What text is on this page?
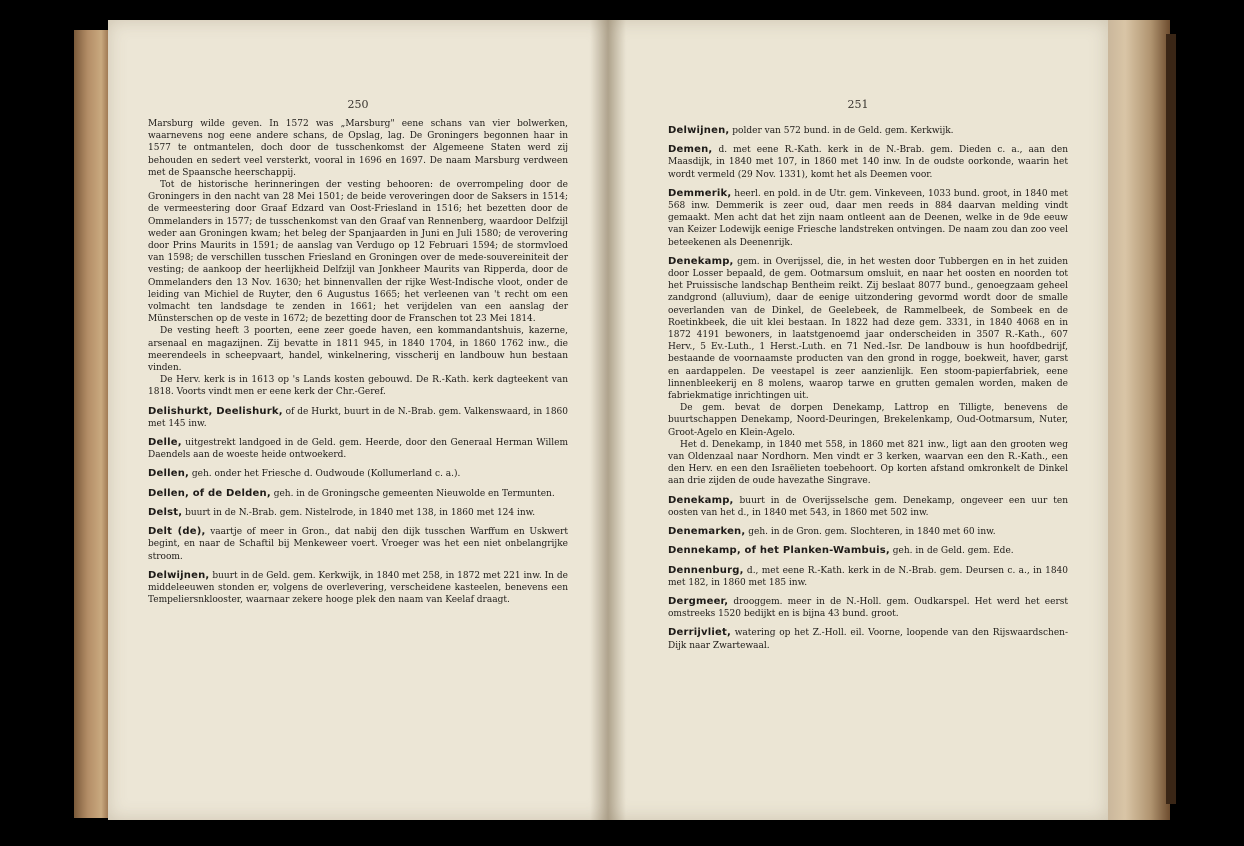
250

Marsburg wilde geven. In 1572 was „Marsburg" eene schans van vier bolwerken, waarnevens nog eene andere schans, de Opslag, lag. De Groningers begonnen haar in 1577 te ontmantelen, doch door de tusschenkomst der Algemeene Staten werd zij behouden en sedert veel versterkt, vooral in 1696 en 1697. De naam Marsburg verdween met de Spaansche heerschappij.

Tot de historische herinneringen der vesting behooren: de overrompeling door de Groningers in den nacht van 28 Mei 1501; de beide veroveringen door de Saksers in 1514; de vermeestering door Graaf Edzard van Oost-Friesland in 1516; het bezetten door de Ommelanders in 1577; de tusschenkomst van den Graaf van Rennenberg, waardoor Delfzijl weder aan Groningen kwam; het beleg der Spanjaarden in Juni en Juli 1580; de verovering door Prins Maurits in 1591; de aanslag van Verdugo op 12 Februari 1594; de stormvloed van 1598; de verschillen tusschen Friesland en Groningen over de mede-souvereiniteit der vesting; de aankoop der heerlijkheid Delfzijl van Jonkheer Maurits van Ripperda, door de Ommelanders den 13 Nov. 1630; het binnenvallen der rijke West-Indische vloot, onder de leiding van Michiel de Ruyter, den 6 Augustus 1665; het verleenen van 't recht om een volmacht ten landsdage te zenden in 1661; het verijdelen van een aanslag der Münsterschen op de veste in 1672; de bezetting door de Franschen tot 23 Mei 1814.

De vesting heeft 3 poorten, eene zeer goede haven, een kommandantshuis, kazerne, arsenaal en magazijnen. Zij bevatte in 1811 945, in 1840 1704, in 1860 1762 inw., die meerendeels in scheepvaart, handel, winkelnering, visscherij en landbouw hun bestaan vinden.

De Herv. kerk is in 1613 op 's Lands kosten gebouwd. De R.-Kath. kerk dagteekent van 1818. Voorts vindt men er eene kerk der Chr.-Geref.

Delishurkt, Deelishurk, of de Hurkt, buurt in de N.-Brab. gem. Valkenswaard, in 1860 met 145 inw.

Delle, uitgestrekt landgoed in de Geld. gem. Heerde, door den Generaal Herman Willem Daendels aan de woeste heide ontwoekerd.

Dellen, geh. onder het Friesche d. Oudwoude (Kollumerland c. a.).

Dellen, of de Delden, geh. in de Groningsche gemeenten Nieuwolde en Termunten.

Delst, buurt in de N.-Brab. gem. Nistelrode, in 1840 met 138, in 1860 met 124 inw.

Delt (de), vaartje of meer in Gron., dat nabij den dijk tusschen Warffum en Uskwert begint, en naar de Schaftil bij Menkeweer voert. Vroeger was het een niet onbelangrijke stroom.

Delwijnen, buurt in de Geld. gem. Kerkwijk, in 1840 met 258, in 1872 met 221 inw. In de middeleeuwen stonden er, volgens de overlevering, verscheidene kasteelen, benevens een Tempeliersnklooster, waarnaar zekere hooge plek den naam van Keelaf draagt.

251

Delwijnen, polder van 572 bund. in de Geld. gem. Kerkwijk.

Demen, d. met eene R.-Kath. kerk in de N.-Brab. gem. Dieden c. a., aan den Maasdijk, in 1840 met 107, in 1860 met 140 inw. In de oudste oorkonde, waarin het wordt vermeld (29 Nov. 1331), komt het als Deemen voor.

Demmerik, heerl. en pold. in de Utr. gem. Vinkeveen, 1033 bund. groot, in 1840 met 568 inw. Demmerik is zeer oud, daar men reeds in 884 daarvan melding vindt gemaakt. Men acht dat het zijn naam ontleent aan de Deenen, welke in de 9de eeuw van Keizer Lodewijk eenige Friesche landstreken ontvingen. De naam zou dan zoo veel beteekenen als Deenenrijk.

Denekamp, gem. in Overijssel, die, in het westen door Tubbergen en in het zuiden door Losser bepaald, de gem. Ootmarsum omsluit, en naar het oosten en noorden tot het Pruissische landschap Bentheim reikt. Zij beslaat 8077 bund., genoegzaam geheel zandgrond (alluvium), daar de eenige uitzondering gevormd wordt door de smalle oeverlanden van de Dinkel, de Geelebeek, de Rammelbeek, de Sombeek en de Roetinkbeek, die uit klei bestaan. In 1822 had deze gem. 3331, in 1840 4068 en in 1872 4191 bewoners, in laatstgenoemd jaar onderscheiden in 3507 R.-Kath., 607 Herv., 5 Ev.-Luth., 1 Herst.-Luth. en 71 Ned.-Isr. De landbouw is hun hoofdbedrijf, bestaande de voornaamste producten van den grond in rogge, boekweit, haver, garst en aardappelen. De veestapel is zeer aanzienlijk. Een stoom-papierfabriek, eene linnenbleekerij en 8 molens, waarop tarwe en grutten gemalen worden, maken de fabriekmatige inrichtingen uit.

De gem. bevat de dorpen Denekamp, Lattrop en Tilligte, benevens de buurtschappen Denekamp, Noord-Deuringen, Brekelenkamp, Oud-Ootmarsum, Nuter, Groot-Agelo en Klein-Agelo.

Het d. Denekamp, in 1840 met 558, in 1860 met 821 inw., ligt aan den grooten weg van Oldenzaal naar Nordhorn. Men vindt er 3 kerken, waarvan een den R.-Kath., een den Herv. en een den Israëlieten toebehoort. Op korten afstand omkronkelt de Dinkel aan drie zijden de oude havezathe Singrave.

Denekamp, buurt in de Overijsselsche gem. Denekamp, ongeveer een uur ten oosten van het d., in 1840 met 543, in 1860 met 502 inw.

Denemarken, geh. in de Gron. gem. Slochteren, in 1840 met 60 inw.

Dennekamp, of het Planken-Wambuis, geh. in de Geld. gem. Ede.

Dennenburg, d., met eene R.-Kath. kerk in de N.-Brab. gem. Deursen c. a., in 1840 met 182, in 1860 met 185 inw.

Dergmeer, drooggem. meer in de N.-Holl. gem. Oudkarspel. Het werd het eerst omstreeks 1520 bedijkt en is bijna 43 bund. groot.

Derrijvliet, watering op het Z.-Holl. eil. Voorne, loopende van den Rijswaardschen-Dijk naar Zwartewaal.
